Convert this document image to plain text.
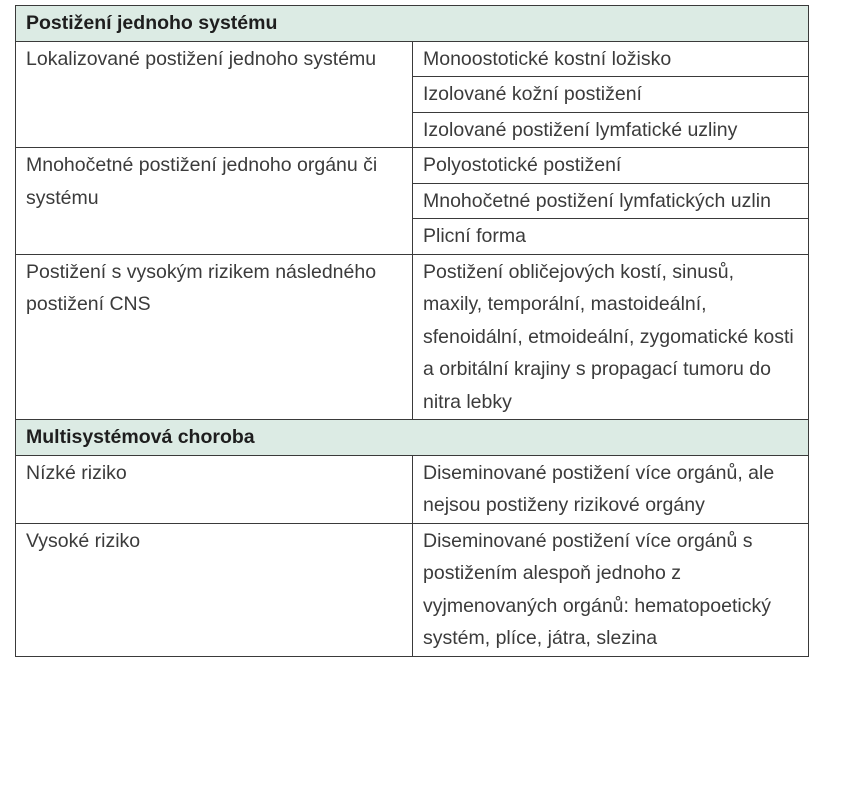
Postižení jednoho systému	
Lokalizované postižení jednoho systému	Monoostotické kostní ložisko
	Izolované kožní postižení
	Izolované postižení lymfatické uzliny
Mnohočetné postižení jednoho orgánu či systému	Polyostotické postižení
	Mnohočetné postižení lymfatických uzlin
	Plicní forma
Postižení s vysokým rizikem následného postižení CNS	Postižení obličejových kostí, sinusů, maxily, temporální, mastoideální, sfenoidální, etmoideální, zygomatické kosti a orbitální krajiny s propagací tumoru do nitra lebky
Multisystémová choroba	
Nízké riziko	Diseminované postižení více orgánů, ale nejsou postiženy rizikové orgány
Vysoké riziko	Diseminované postižení více orgánů s postižením alespoň jednoho z vyjmenovaných orgánů: hematopoetický systém, plíce, játra, slezina
